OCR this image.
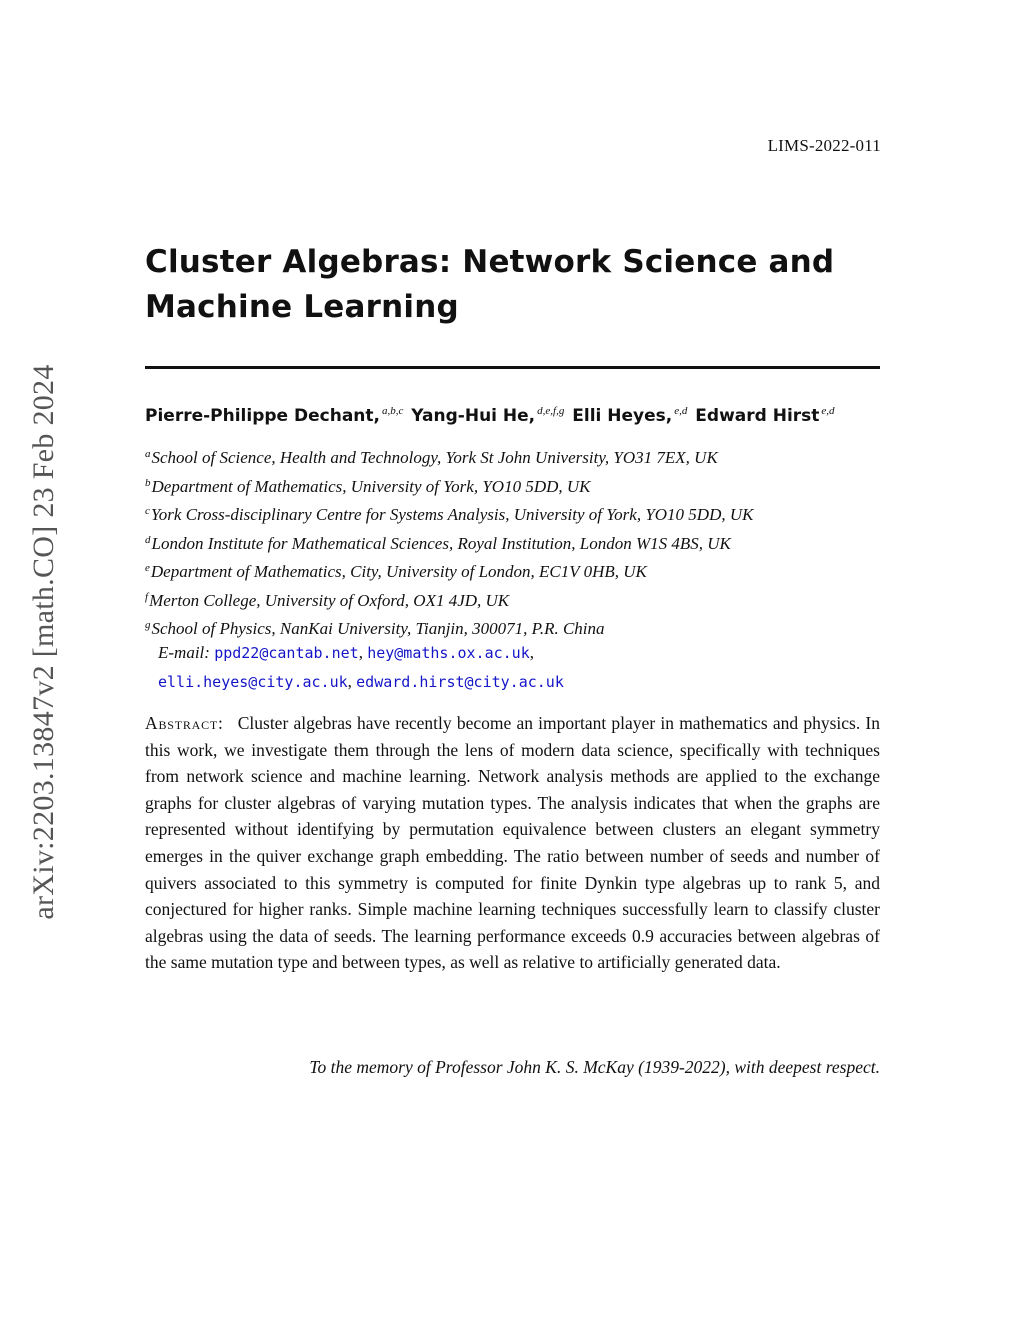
LIMS-2022-011
arXiv:2203.13847v2 [math.CO] 23 Feb 2024
Cluster Algebras: Network Science and
Machine Learning
Pierre-Philippe Dechant, $^{a,b,c}$ Yang-Hui He, $^{d,e,f,g}$ Elli Heyes, $^{e,d}$ Edward Hirst $^{e,d}$
$^a$School of Science, Health and Technology, York St John University, YO31 7EX, UK
$^b$Department of Mathematics, University of York, YO10 5DD, UK
$^c$York Cross-disciplinary Centre for Systems Analysis, University of York, YO10 5DD, UK
$^d$London Institute for Mathematical Sciences, Royal Institution, London W1S 4BS, UK
$^e$Department of Mathematics, City, University of London, EC1V 0HB, UK
$^f$Merton College, University of Oxford, OX1 4JD, UK
$^g$School of Physics, NanKai University, Tianjin, 300071, P.R. China
E-mail: ppd22@cantab.net, hey@maths.ox.ac.uk,
elli.heyes@city.ac.uk, edward.hirst@city.ac.uk

Abstract: Cluster algebras have recently become an important player in mathematics and physics. In this work, we investigate them through the lens of modern data science, specifically with techniques from network science and machine learning. Network analysis methods are applied to the exchange graphs for cluster algebras of varying mutation types. The analysis indicates that when the graphs are represented without identifying by permutation equivalence between clusters an elegant symmetry emerges in the quiver exchange graph embedding. The ratio between number of seeds and number of quivers associated to this symmetry is computed for finite Dynkin type algebras up to rank 5, and conjectured for higher ranks. Simple machine learning techniques successfully learn to classify cluster algebras using the data of seeds. The learning performance exceeds 0.9 accuracies between algebras of the same mutation type and between types, as well as relative to artificially generated data.

To the memory of Professor John K. S. McKay (1939-2022), with deepest respect.
